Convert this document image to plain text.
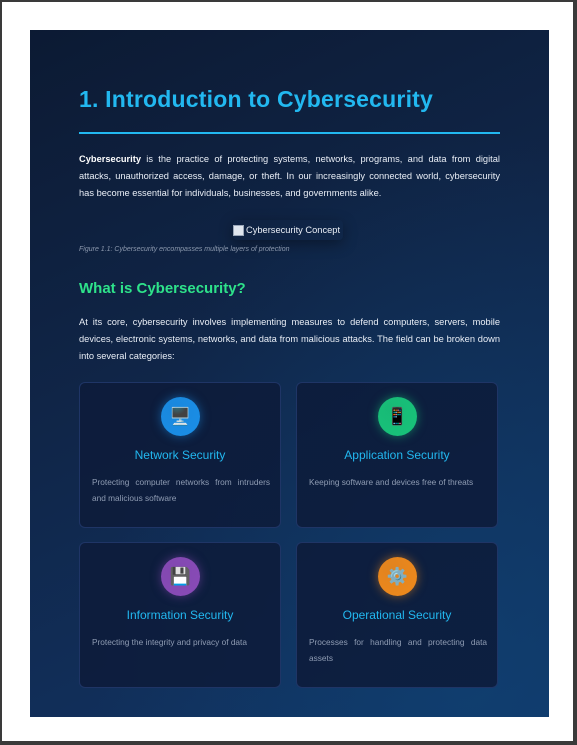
1. Introduction to Cybersecurity

Cybersecurity is the practice of protecting systems, networks, programs, and data from digital attacks, unauthorized access, damage, or theft. In our increasingly connected world, cybersecurity has become essential for individuals, businesses, and governments alike.

Cybersecurity Concept

Figure 1.1: Cybersecurity encompasses multiple layers of protection

What is Cybersecurity?

At its core, cybersecurity involves implementing measures to defend computers, servers, mobile devices, electronic systems, networks, and data from malicious attacks. The field can be broken down into several categories:

🖥️

Network Security

Protecting computer networks from intruders and malicious software

📱

Application Security

Keeping software and devices free of threats

💾

Information Security

Protecting the integrity and privacy of data

⚙️

Operational Security

Processes for handling and protecting data assets
